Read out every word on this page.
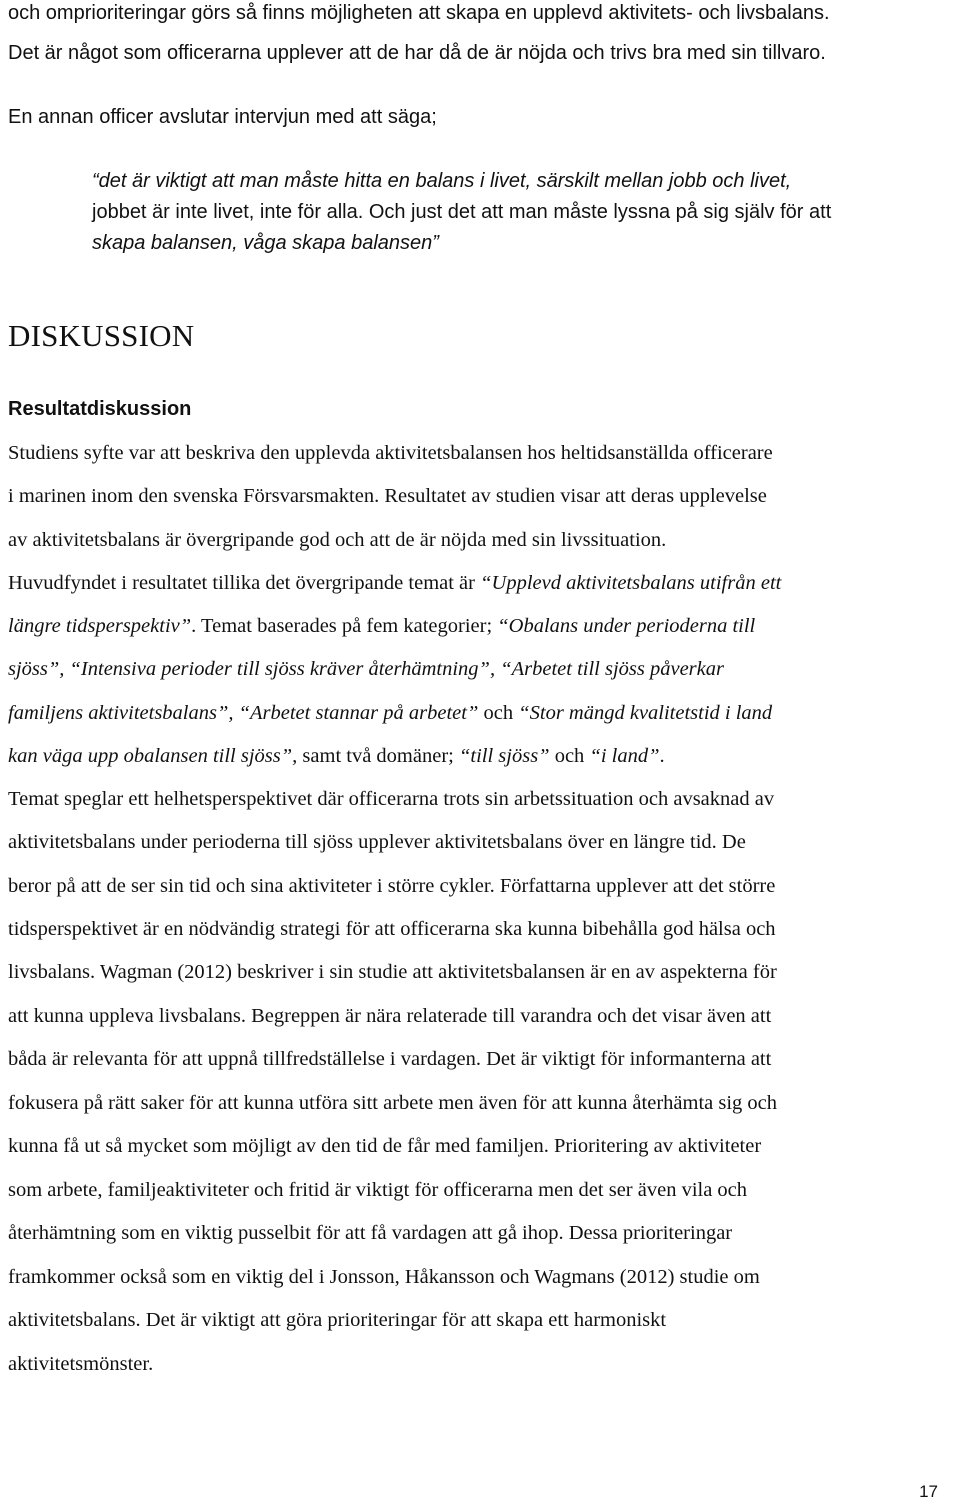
och omprioriteringar görs så finns möjligheten att skapa en upplevd aktivitets- och livsbalans.
Det är något som officerarna upplever att de har då de är nöjda och trivs bra med sin tillvaro.
En annan officer avslutar intervjun med att säga;
“det är viktigt att man måste hitta en balans i livet, särskilt mellan jobb och livet,
jobbet är inte livet, inte för alla. Och just det att man måste lyssna på sig själv för att
skapa balansen, våga skapa balansen”
DISKUSSION
Resultatdiskussion
Studiens syfte var att beskriva den upplevda aktivitetsbalansen hos heltidsanställda officerare
i marinen inom den svenska Försvarsmakten. Resultatet av studien visar att deras upplevelse
av aktivitetsbalans är övergripande god och att de är nöjda med sin livssituation.
Huvudfyndet i resultatet tillika det övergripande temat är “Upplevd aktivitetsbalans utifrån ett
längre tidsperspektiv”. Temat baserades på fem kategorier; “Obalans under perioderna till
sjöss”, “Intensiva perioder till sjöss kräver återhämtning”, “Arbetet till sjöss påverkar
familjens aktivitetsbalans”, “Arbetet stannar på arbetet” och “Stor mängd kvalitetstid i land
kan väga upp obalansen till sjöss”, samt två domäner; “till sjöss” och “i land”.
Temat speglar ett helhetsperspektivet där officerarna trots sin arbetssituation och avsaknad av
aktivitetsbalans under perioderna till sjöss upplever aktivitetsbalans över en längre tid. De
beror på att de ser sin tid och sina aktiviteter i större cykler. Författarna upplever att det större
tidsperspektivet är en nödvändig strategi för att officerarna ska kunna bibehålla god hälsa och
livsbalans. Wagman (2012) beskriver i sin studie att aktivitetsbalansen är en av aspekterna för
att kunna uppleva livsbalans. Begreppen är nära relaterade till varandra och det visar även att
båda är relevanta för att uppnå tillfredställelse i vardagen. Det är viktigt för informanterna att
fokusera på rätt saker för att kunna utföra sitt arbete men även för att kunna återhämta sig och
kunna få ut så mycket som möjligt av den tid de får med familjen. Prioritering av aktiviteter
som arbete, familjeaktiviteter och fritid är viktigt för officerarna men det ser även vila och
återhämtning som en viktig pusselbit för att få vardagen att gå ihop. Dessa prioriteringar
framkommer också som en viktig del i Jonsson, Håkansson och Wagmans (2012) studie om
aktivitetsbalans. Det är viktigt att göra prioriteringar för att skapa ett harmoniskt
aktivitetsmönster.
17
